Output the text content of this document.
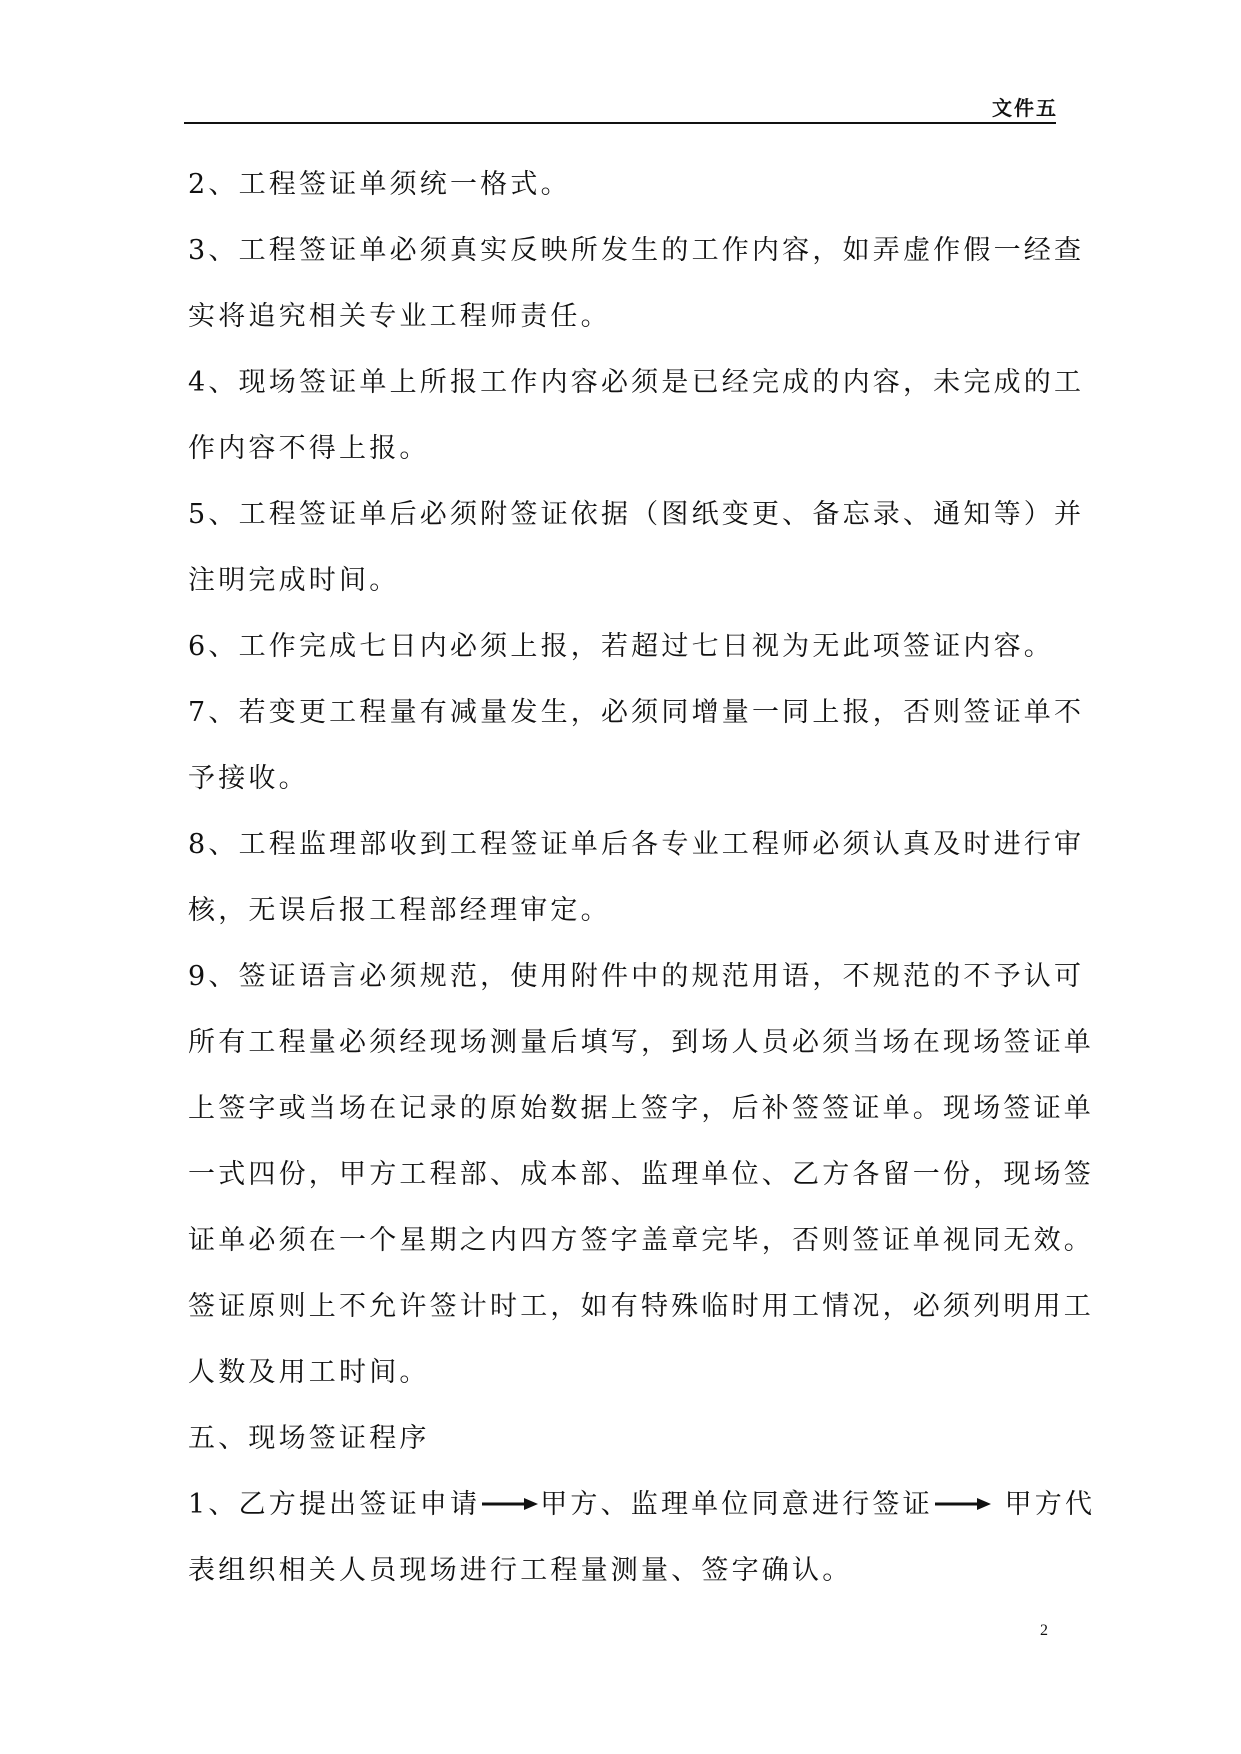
文件五
2、工程签证单须统一格式。
3、工程签证单必须真实反映所发生的工作内容，如弄虚作假一经查
实将追究相关专业工程师责任。
4、现场签证单上所报工作内容必须是已经完成的内容，未完成的工
作内容不得上报。
5、工程签证单后必须附签证依据（图纸变更、备忘录、通知等）并
注明完成时间。
6、工作完成七日内必须上报，若超过七日视为无此项签证内容。
7、若变更工程量有减量发生，必须同增量一同上报，否则签证单不
予接收。
8、工程监理部收到工程签证单后各专业工程师必须认真及时进行审
核，无误后报工程部经理审定。
9、签证语言必须规范，使用附件中的规范用语，不规范的不予认可
所有工程量必须经现场测量后填写，到场人员必须当场在现场签证单
上签字或当场在记录的原始数据上签字，后补签签证单。现场签证单
一式四份，甲方工程部、成本部、监理单位、乙方各留一份，现场签
证单必须在一个星期之内四方签字盖章完毕，否则签证单视同无效。
签证原则上不允许签计时工，如有特殊临时用工情况，必须列明用工
人数及用工时间。
五、现场签证程序
1、乙方提出签证申请 甲方、监理单位同意进行签证	甲方代
表组织相关人员现场进行工程量测量、签字确认。
2
